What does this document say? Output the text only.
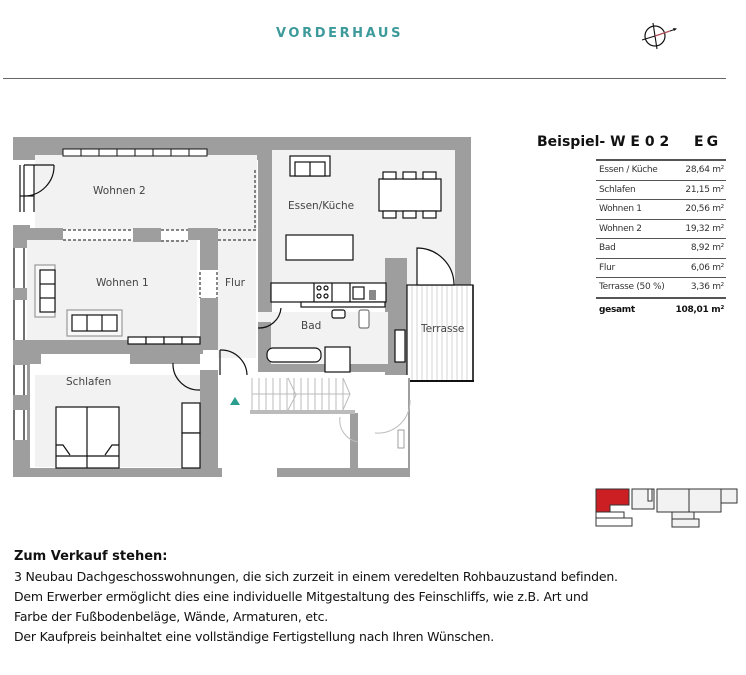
VORDERHAUS
Wohnen 2
Wohnen 1	Flur
Schlafen
Essen/Küche
Bad	Terrasse
Beispiel- W E 0 2 EG
Essen / Küche	28,64 m²
Schlafen	21,15 m²
Wohnen 1	20,56 m²
Wohnen 2	19,32 m²
Bad	8,92 m²
Flur	6,06 m²
Terrasse (50 %)	3,36 m²
gesamt	108,01 m²
Zum Verkauf stehen:
3 Neubau Dachgeschosswohnungen, die sich zurzeit in einem veredelten Rohbauzustand befinden.
Dem Erwerber ermöglicht dies eine individuelle Mitgestaltung des Feinschliffs, wie z.B. Art und
Farbe der Fußbodenbeläge, Wände, Armaturen, etc.
Der Kaufpreis beinhaltet eine vollständige Fertigstellung nach Ihren Wünschen.
